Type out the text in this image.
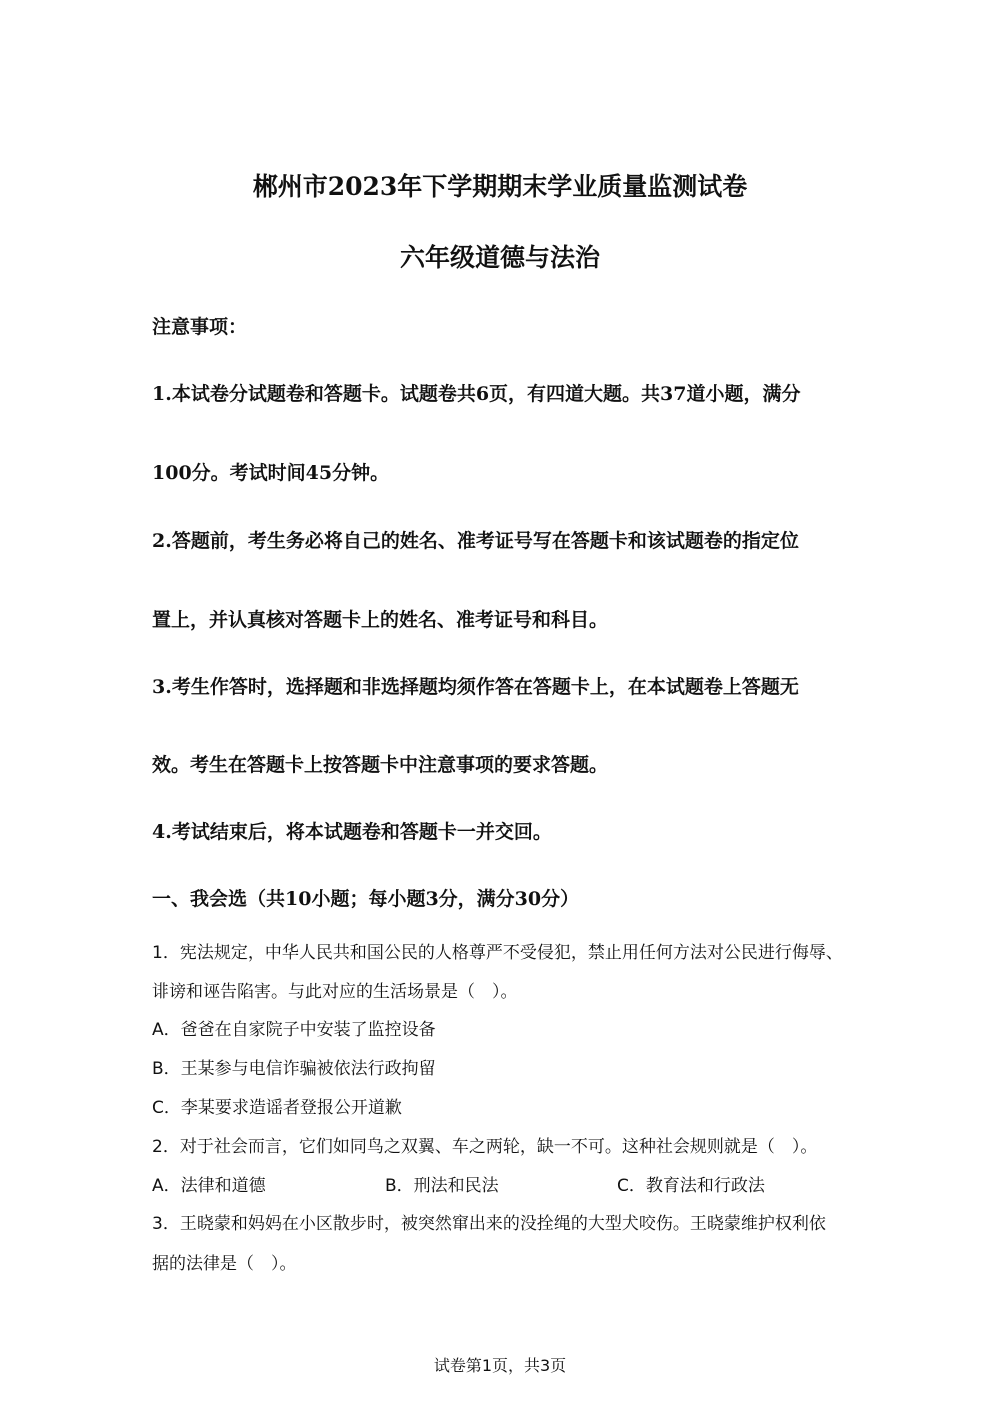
郴州市2023年下学期期末学业质量监测试卷
六年级道德与法治
注意事项：
1.本试卷分试题卷和答题卡。试题卷共6页，有四道大题。共37道小题，满分
100分。考试时间45分钟。
2.答题前，考生务必将自己的姓名、准考证号写在答题卡和该试题卷的指定位
置上，并认真核对答题卡上的姓名、准考证号和科目。
3.考生作答时，选择题和非选择题均须作答在答题卡上，在本试题卷上答题无
效。考生在答题卡上按答题卡中注意事项的要求答题。
4.考试结束后，将本试题卷和答题卡一并交回。
一、我会选（共10小题；每小题3分，满分30分）
1．宪法规定，中华人民共和国公民的人格尊严不受侵犯，禁止用任何方法对公民进行侮辱、
诽谤和诬告陷害。与此对应的生活场景是（　）。
A．爸爸在自家院子中安装了监控设备
B．王某参与电信诈骗被依法行政拘留
C．李某要求造谣者登报公开道歉
2．对于社会而言，它们如同鸟之双翼、车之两轮，缺一不可。这种社会规则就是（　）。
A．法律和道德	B．刑法和民法	C．教育法和行政法
3．王晓蒙和妈妈在小区散步时，被突然窜出来的没拴绳的大型犬咬伤。王晓蒙维护权利依
据的法律是（　）。
试卷第1页，共3页
